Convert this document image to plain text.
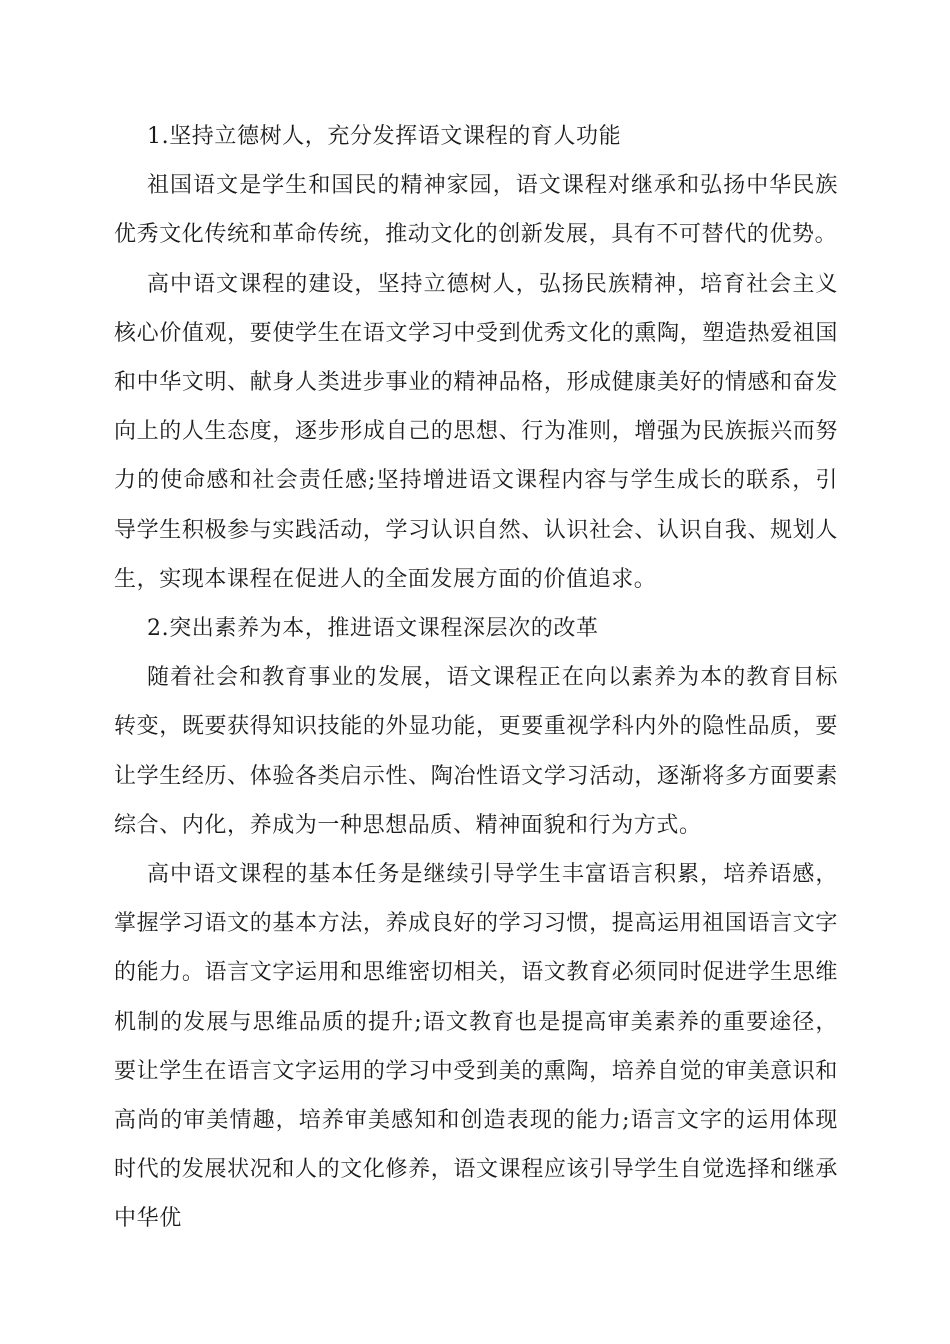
1.坚持立德树人，充分发挥语文课程的育人功能

祖国语文是学生和国民的精神家园，语文课程对继承和弘扬中华民族优秀文化传统和革命传统，推动文化的创新发展，具有不可替代的优势。

高中语文课程的建设，坚持立德树人，弘扬民族精神，培育社会主义核心价值观，要使学生在语文学习中受到优秀文化的熏陶，塑造热爱祖国和中华文明、献身人类进步事业的精神品格，形成健康美好的情感和奋发向上的人生态度，逐步形成自己的思想、行为准则，增强为民族振兴而努力的使命感和社会责任感;坚持增进语文课程内容与学生成长的联系，引导学生积极参与实践活动，学习认识自然、认识社会、认识自我、规划人生，实现本课程在促进人的全面发展方面的价值追求。

2.突出素养为本，推进语文课程深层次的改革

随着社会和教育事业的发展，语文课程正在向以素养为本的教育目标转变，既要获得知识技能的外显功能，更要重视学科内外的隐性品质，要让学生经历、体验各类启示性、陶冶性语文学习活动，逐渐将多方面要素综合、内化，养成为一种思想品质、精神面貌和行为方式。

高中语文课程的基本任务是继续引导学生丰富语言积累，培养语感，掌握学习语文的基本方法，养成良好的学习习惯，提高运用祖国语言文字的能力。语言文字运用和思维密切相关，语文教育必须同时促进学生思维机制的发展与思维品质的提升;语文教育也是提高审美素养的重要途径，要让学生在语言文字运用的学习中受到美的熏陶，培养自觉的审美意识和高尚的审美情趣，培养审美感知和创造表现的能力;语言文字的运用体现时代的发展状况和人的文化修养，语文课程应该引导学生自觉选择和继承中华优
